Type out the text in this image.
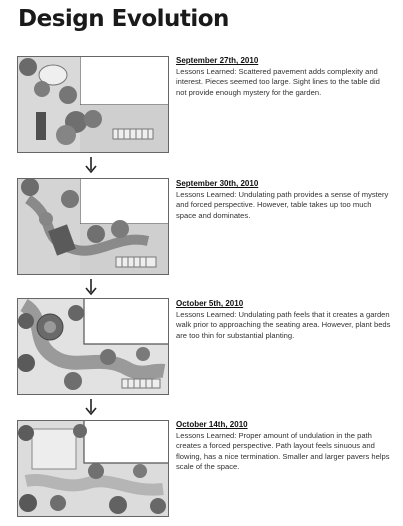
Design Evolution
September 27th, 2010
Lessons Learned: Scattered pavement adds complexity and interest. Pieces seemed too large. Sight lines to the table did not provide enough mystery for the garden.
September 30th, 2010
Lessons Learned: Undulating path provides a sense of mystery and forced perspective. However, table takes up too much space and dominates.
October 5th, 2010
Lessons Learned: Undulating path feels that it creates a garden walk prior to approaching the seating area. However, plant beds are too thin for substantial planting.
October 14th, 2010
Lessons Learned: Proper amount of undulation in the path creates a forced perspective. Path layout feels sinuous and flowing, has a nice termination. Smaller and larger pavers helps scale of the space.
